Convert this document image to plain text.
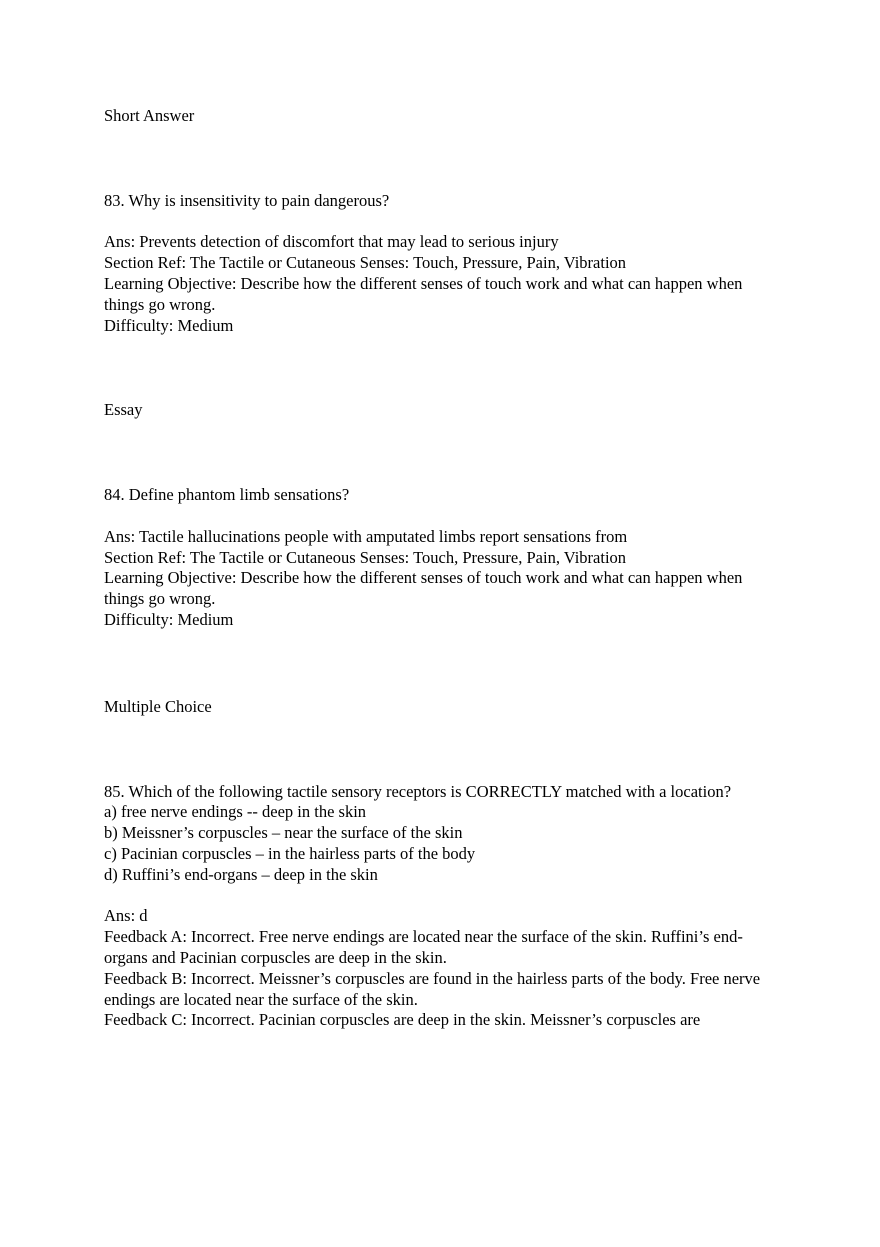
Short Answer

83. Why is insensitivity to pain dangerous?

Ans: Prevents detection of discomfort that may lead to serious injury

Section Ref: The Tactile or Cutaneous Senses: Touch, Pressure, Pain, Vibration

Learning Objective: Describe how the different senses of touch work and what can happen when things go wrong.

Difficulty: Medium

Essay

84. Define phantom limb sensations?

Ans: Tactile hallucinations people with amputated limbs report sensations from

Section Ref: The Tactile or Cutaneous Senses: Touch, Pressure, Pain, Vibration

Learning Objective: Describe how the different senses of touch work and what can happen when things go wrong.

Difficulty: Medium

Multiple Choice

85. Which of the following tactile sensory receptors is CORRECTLY matched with a location?

a) free nerve endings -- deep in the skin

b) Meissner’s corpuscles – near the surface of the skin

c) Pacinian corpuscles – in the hairless parts of the body

d) Ruffini’s end-organs – deep in the skin

Ans: d

Feedback A: Incorrect. Free nerve endings are located near the surface of the skin. Ruffini’s end-organs and Pacinian corpuscles are deep in the skin.

Feedback B: Incorrect. Meissner’s corpuscles are found in the hairless parts of the body. Free nerve endings are located near the surface of the skin.

Feedback C: Incorrect. Pacinian corpuscles are deep in the skin. Meissner’s corpuscles are
